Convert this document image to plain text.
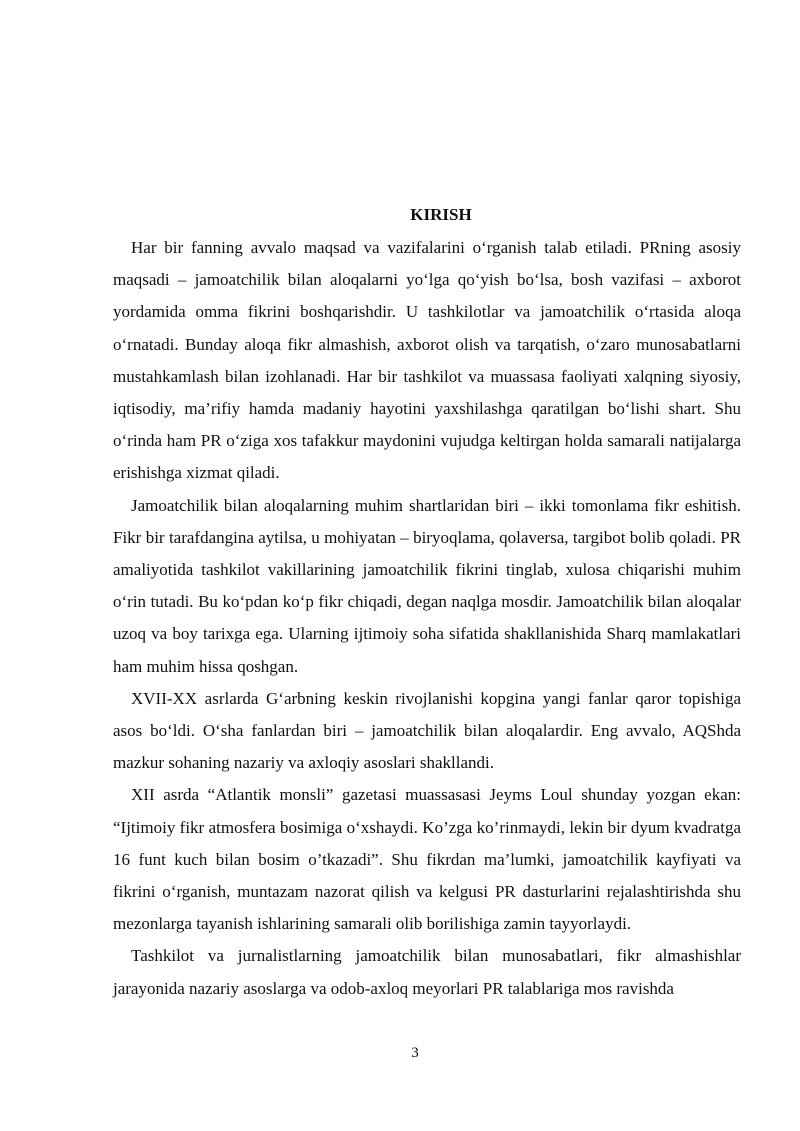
KIRISH

Har bir fanning avvalo maqsad va vazifalarini o‘rganish talab etiladi. PRning asosiy maqsadi – jamoatchilik bilan aloqalarni yo‘lga qo‘yish bo‘lsa, bosh vazifasi – axborot yordamida omma fikrini boshqarishdir. U tashkilotlar va jamoatchilik o‘rtasida aloqa o‘rnatadi. Bunday aloqa fikr almashish, axborot olish va tarqatish, o‘zaro munosabatlarni mustahkamlash bilan izohlanadi. Har bir tashkilot va muassasa faoliyati xalqning siyosiy, iqtisodiy, ma’rifiy hamda madaniy hayotini yaxshilashga qaratilgan bo‘lishi shart. Shu o‘rinda ham PR o‘ziga xos tafakkur maydonini vujudga keltirgan holda samarali natijalarga erishishga xizmat qiladi.

Jamoatchilik bilan aloqalarning muhim shartlaridan biri – ikki tomonlama fikr eshitish. Fikr bir tarafdangina aytilsa, u mohiyatan – biryoqlama, qolaversa, targibot bolib qoladi. PR amaliyotida tashkilot vakillarining jamoatchilik fikrini tinglab, xulosa chiqarishi muhim o‘rin tutadi. Bu ko‘pdan ko‘p fikr chiqadi, degan naqlga mosdir. Jamoatchilik bilan aloqalar uzoq va boy tarixga ega. Ularning ijtimoiy soha sifatida shakllanishida Sharq mamlakatlari ham muhim hissa qoshgan.

XVII-XX asrlarda G‘arbning keskin rivojlanishi kopgina yangi fanlar qaror topishiga asos bo‘ldi. O‘sha fanlardan biri – jamoatchilik bilan aloqalardir. Eng avvalo, AQShda mazkur sohaning nazariy va axloqiy asoslari shakllandi.

XII asrda “Atlantik monsli” gazetasi muassasasi Jeyms Loul shunday yozgan ekan: “Ijtimoiy fikr atmosfera bosimiga o‘xshaydi. Ko’zga ko’rinmaydi, lekin bir dyum kvadratga 16 funt kuch bilan bosim o’tkazadi”. Shu fikrdan ma’lumki, jamoatchilik kayfiyati va fikrini o‘rganish, muntazam nazorat qilish va kelgusi PR dasturlarini rejalashtirishda shu mezonlarga tayanish ishlarining samarali olib borilishiga zamin tayyorlaydi.

Tashkilot va jurnalistlarning jamoatchilik bilan munosabatlari, fikr almashishlar jarayonida nazariy asoslarga va odob-axloq meyorlari PR talablariga mos ravishda

3
